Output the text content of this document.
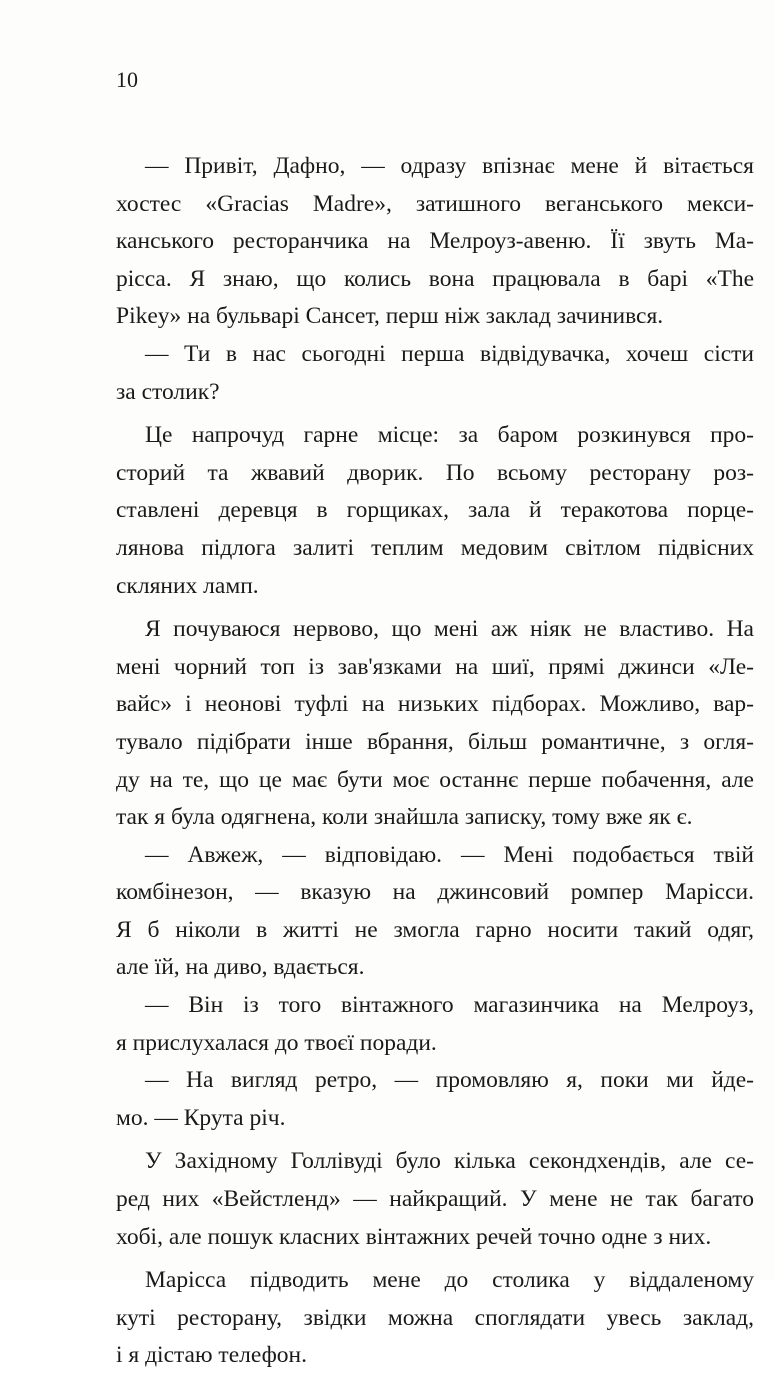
10
— Привіт, Дафно, — одразу впізнає мене й вітається
хостес «Gracias Madre», затишного веганського мекси-
канського ресторанчика на Мелроуз-авеню. Її звуть Ма-
рісса. Я знаю, що колись вона працювала в барі «The
Pikey» на бульварі Сансет, перш ніж заклад зачинився.
— Ти в нас сьогодні перша відвідувачка, хочеш сісти
за столик?
Це напрочуд гарне місце: за баром розкинувся про-
сторий та жвавий дворик. По всьому ресторану роз-
ставлені деревця в горщиках, зала й теракотова порце-
лянова підлога залиті теплим медовим світлом підвісних
скляних ламп.
Я почуваюся нервово, що мені аж ніяк не властиво. На
мені чорний топ із зав'язками на шиї, прямі джинси «Ле-
вайс» і неонові туфлі на низьких підборах. Можливо, вар-
тувало підібрати інше вбрання, більш романтичне, з огля-
ду на те, що це має бути моє останнє перше побачення, але
так я була одягнена, коли знайшла записку, тому вже як є.
— Авжеж, — відповідаю. — Мені подобається твій
комбінезон, — вказую на джинсовий ромпер Марісси.
Я б ніколи в житті не змогла гарно носити такий одяг,
але їй, на диво, вдається.
— Він із того вінтажного магазинчика на Мелроуз,
я прислухалася до твоєї поради.
— На вигляд ретро, — промовляю я, поки ми йде-
мо. — Крута річ.
У Західному Голлівуді було кілька секондхендів, але се-
ред них «Вейстленд» — найкращий. У мене не так багато
хобі, але пошук класних вінтажних речей точно одне з них.
Марісса підводить мене до столика у віддаленому
куті ресторану, звідки можна споглядати увесь заклад,
і я дістаю телефон.
